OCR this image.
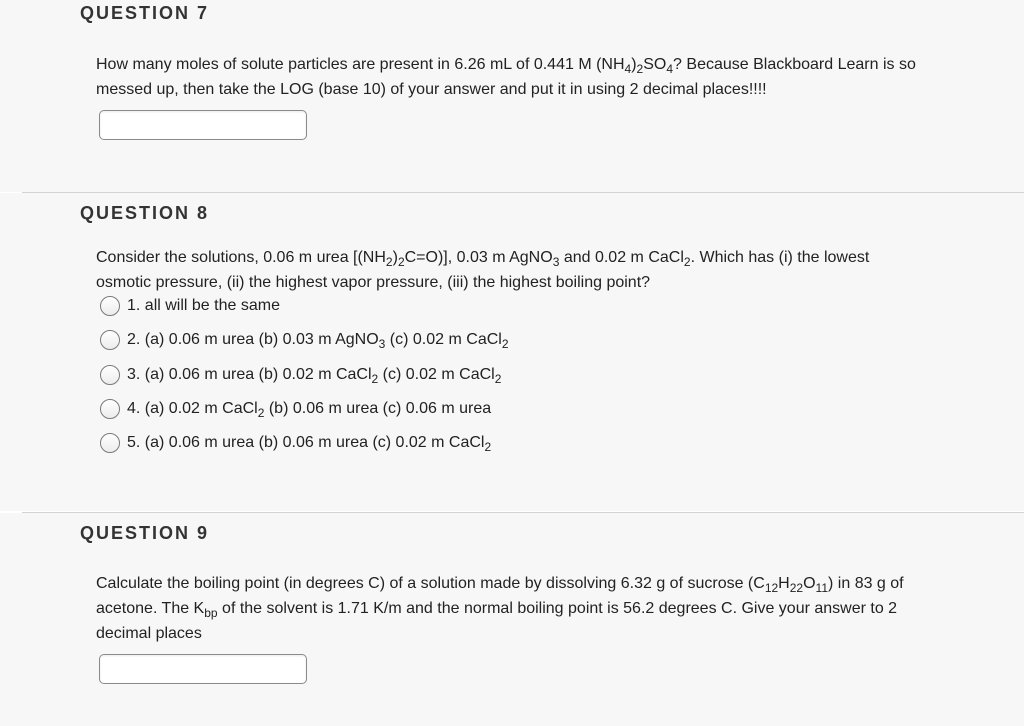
QUESTION 7
How many moles of solute particles are present in 6.26 mL of 0.441 M $(NH_4)_2SO_4$? Because Blackboard Learn is so
messed up, then take the LOG (base 10) of your answer and put it in using 2 decimal places!!!!
QUESTION 8
Consider the solutions, 0.06 m urea $[(NH_2)_2C=O)$], 0.03 m AgNO$_3$ and 0.02 m CaCl$_2$. Which has (i) the lowest
osmotic pressure, (ii) the highest vapor pressure, (iii) the highest boiling point?
1. all will be the same
2. (a) 0.06 m urea (b) 0.03 m AgNO$_3$ (c) 0.02 m CaCl$_2$
3. (a) 0.06 m urea (b) 0.02 m CaCl$_2$ (c) 0.02 m CaCl$_2$
4. (a) 0.02 m CaCl$_2$ (b) 0.06 m urea (c) 0.06 m urea
5. (a) 0.06 m urea (b) 0.06 m urea (c) 0.02 m CaCl$_2$
QUESTION 9
Calculate the boiling point (in degrees C) of a solution made by dissolving 6.32 g of sucrose $(C_{12}H_{22}O_{11})$ in 83 g of
acetone. The $K_{bp}$ of the solvent is 1.71 K/m and the normal boiling point is 56.2 degrees C. Give your answer to 2
decimal places
